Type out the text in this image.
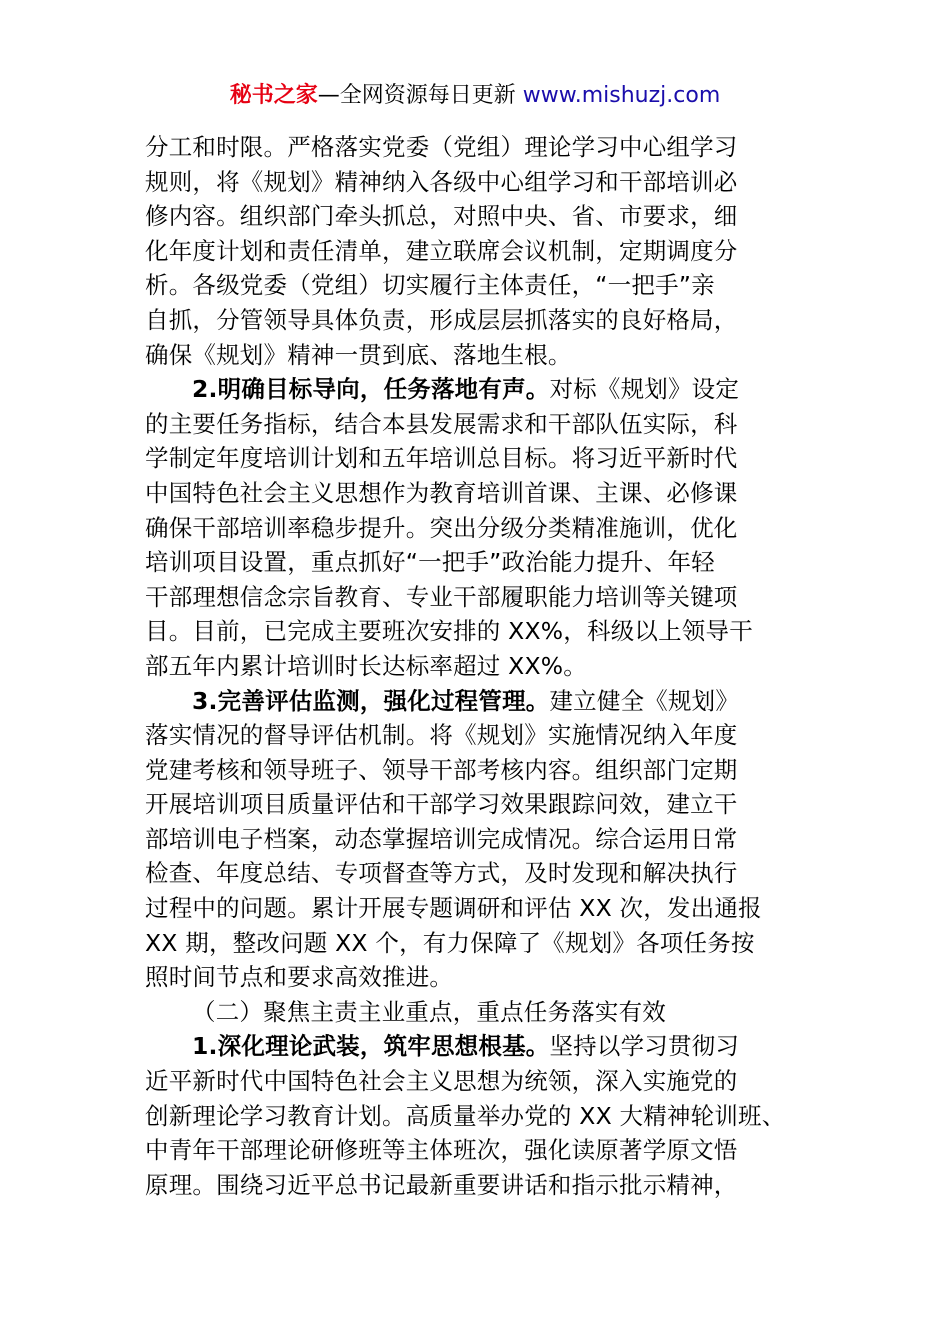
秘书之家—全网资源每日更新 www.mishuzj.com
分工和时限。严格落实党委（党组）理论学习中心组学习
规则，将《规划》精神纳入各级中心组学习和干部培训必
修内容。组织部门牵头抓总，对照中央、省、市要求，细
化年度计划和责任清单，建立联席会议机制，定期调度分
析。各级党委（党组）切实履行主体责任，“一把手”亲
自抓，分管领导具体负责，形成层层抓落实的良好格局，
确保《规划》精神一贯到底、落地生根。
2.明确目标导向，任务落地有声。对标《规划》设定
的主要任务指标，结合本县发展需求和干部队伍实际，科
学制定年度培训计划和五年培训总目标。将习近平新时代
中国特色社会主义思想作为教育培训首课、主课、必修课
确保干部培训率稳步提升。突出分级分类精准施训，优化
培训项目设置，重点抓好“一把手”政治能力提升、年轻
干部理想信念宗旨教育、专业干部履职能力培训等关键项
目。目前，已完成主要班次安排的 XX%，科级以上领导干
部五年内累计培训时长达标率超过 XX%。
3.完善评估监测，强化过程管理。建立健全《规划》
落实情况的督导评估机制。将《规划》实施情况纳入年度
党建考核和领导班子、领导干部考核内容。组织部门定期
开展培训项目质量评估和干部学习效果跟踪问效，建立干
部培训电子档案，动态掌握培训完成情况。综合运用日常
检查、年度总结、专项督查等方式，及时发现和解决执行
过程中的问题。累计开展专题调研和评估 XX 次，发出通报
XX 期，整改问题 XX 个，有力保障了《规划》各项任务按
照时间节点和要求高效推进。
（二）聚焦主责主业重点，重点任务落实有效
1.深化理论武装，筑牢思想根基。坚持以学习贯彻习
近平新时代中国特色社会主义思想为统领，深入实施党的
创新理论学习教育计划。高质量举办党的 XX 大精神轮训班、
中青年干部理论研修班等主体班次，强化读原著学原文悟
原理。围绕习近平总书记最新重要讲话和指示批示精神，
